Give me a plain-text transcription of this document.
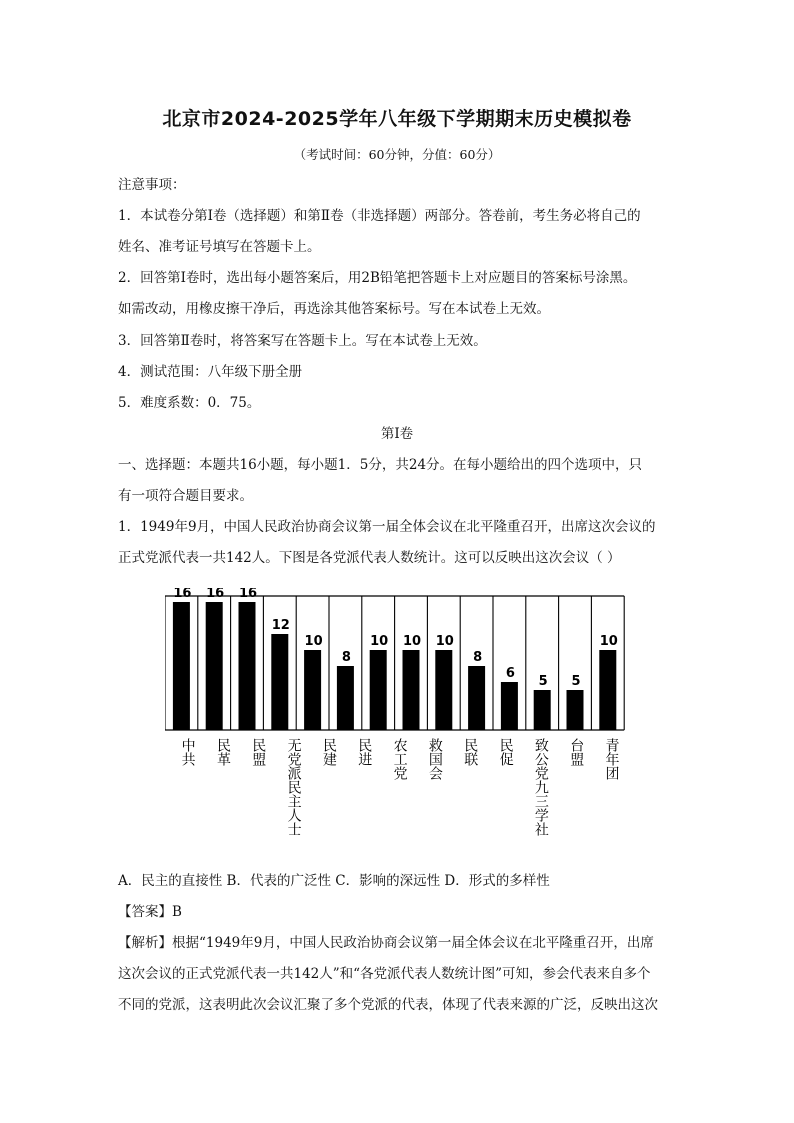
北京市2024-2025学年八年级下学期期末历史模拟卷
（考试时间：60分钟，分值：60分）
注意事项：
1．本试卷分第Ⅰ卷（选择题）和第Ⅱ卷（非选择题）两部分。答卷前，考生务必将自己的
姓名、准考证号填写在答题卡上。
2．回答第Ⅰ卷时，选出每小题答案后，用2B铅笔把答题卡上对应题目的答案标号涂黑。
如需改动，用橡皮擦干净后，再选涂其他答案标号。写在本试卷上无效。
3．回答第Ⅱ卷时，将答案写在答题卡上。写在本试卷上无效。
4．测试范围：八年级下册全册
5．难度系数：0．75。
第Ⅰ卷
一、选择题：本题共16小题，每小题1．5分，共24分。在每小题给出的四个选项中，只
有一项符合题目要求。
1．1949年9月，中国人民政治协商会议第一届全体会议在北平隆重召开，出席这次会议的
正式党派代表一共142人。下图是各党派代表人数统计。这可以反映出这次会议（ ）
16 16 16
12
10
8
10 10 10
8
6
5 5
10
中共 民革 民盟 无党派民主人士 民建 民进 农工党 救国会 民联 民促 致公党九三学社 台盟 青年团
A．民主的直接性 B．代表的广泛性 C．影响的深远性 D．形式的多样性
【答案】B
【解析】根据“1949年9月，中国人民政治协商会议第一届全体会议在北平隆重召开，出席
这次会议的正式党派代表一共142人”和“各党派代表人数统计图”可知，参会代表来自多个
不同的党派，这表明此次会议汇聚了多个党派的代表，体现了代表来源的广泛，反映出这次
